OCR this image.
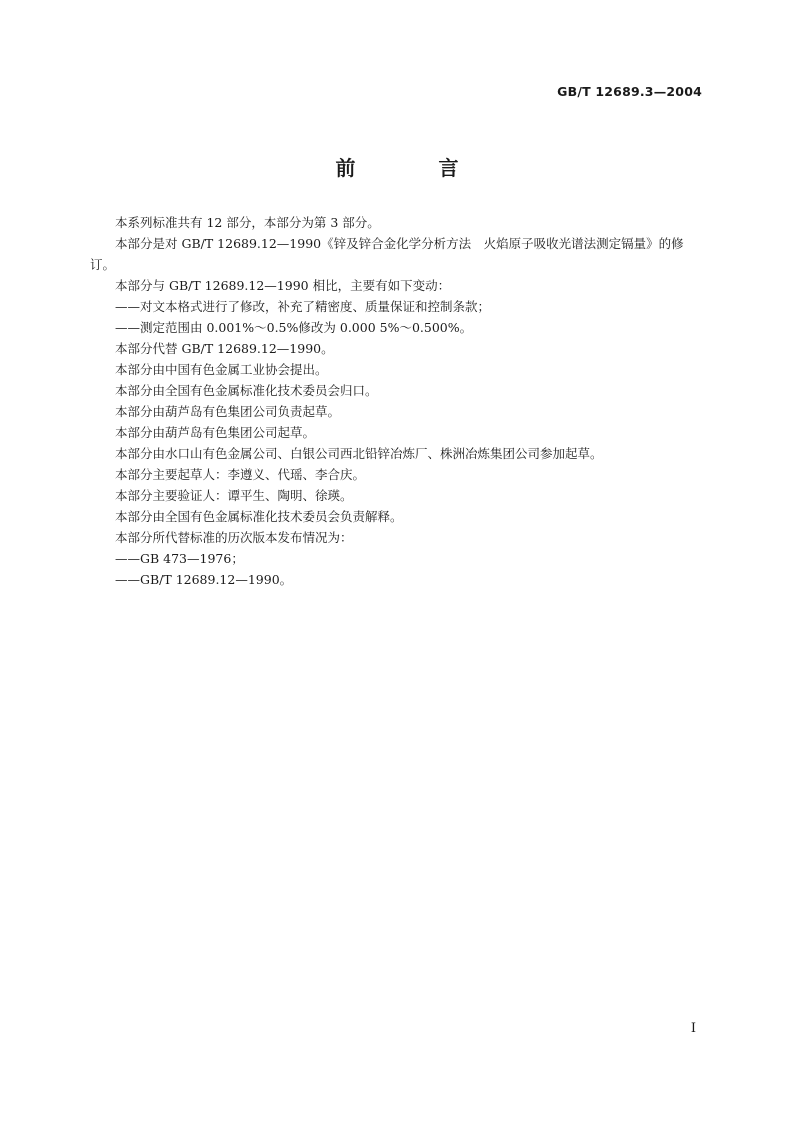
GB/T 12689.3—2004
前 言

本系列标准共有 12 部分，本部分为第 3 部分。

本部分是对 GB/T 12689.12—1990《锌及锌合金化学分析方法　火焰原子吸收光谱法测定镉量》的修订。

本部分与 GB/T 12689.12—1990 相比，主要有如下变动：

——对文本格式进行了修改，补充了精密度、质量保证和控制条款；

——测定范围由 0.001%～0.5%修改为 0.000 5%～0.500%。

本部分代替 GB/T 12689.12—1990。

本部分由中国有色金属工业协会提出。

本部分由全国有色金属标准化技术委员会归口。

本部分由葫芦岛有色集团公司负责起草。

本部分由葫芦岛有色集团公司起草。

本部分由水口山有色金属公司、白银公司西北铅锌冶炼厂、株洲冶炼集团公司参加起草。

本部分主要起草人：李遵义、代瑶、李合庆。

本部分主要验证人：谭平生、陶明、徐瑛。

本部分由全国有色金属标准化技术委员会负责解释。

本部分所代替标准的历次版本发布情况为：

——GB 473—1976；

——GB/T 12689.12—1990。

I
